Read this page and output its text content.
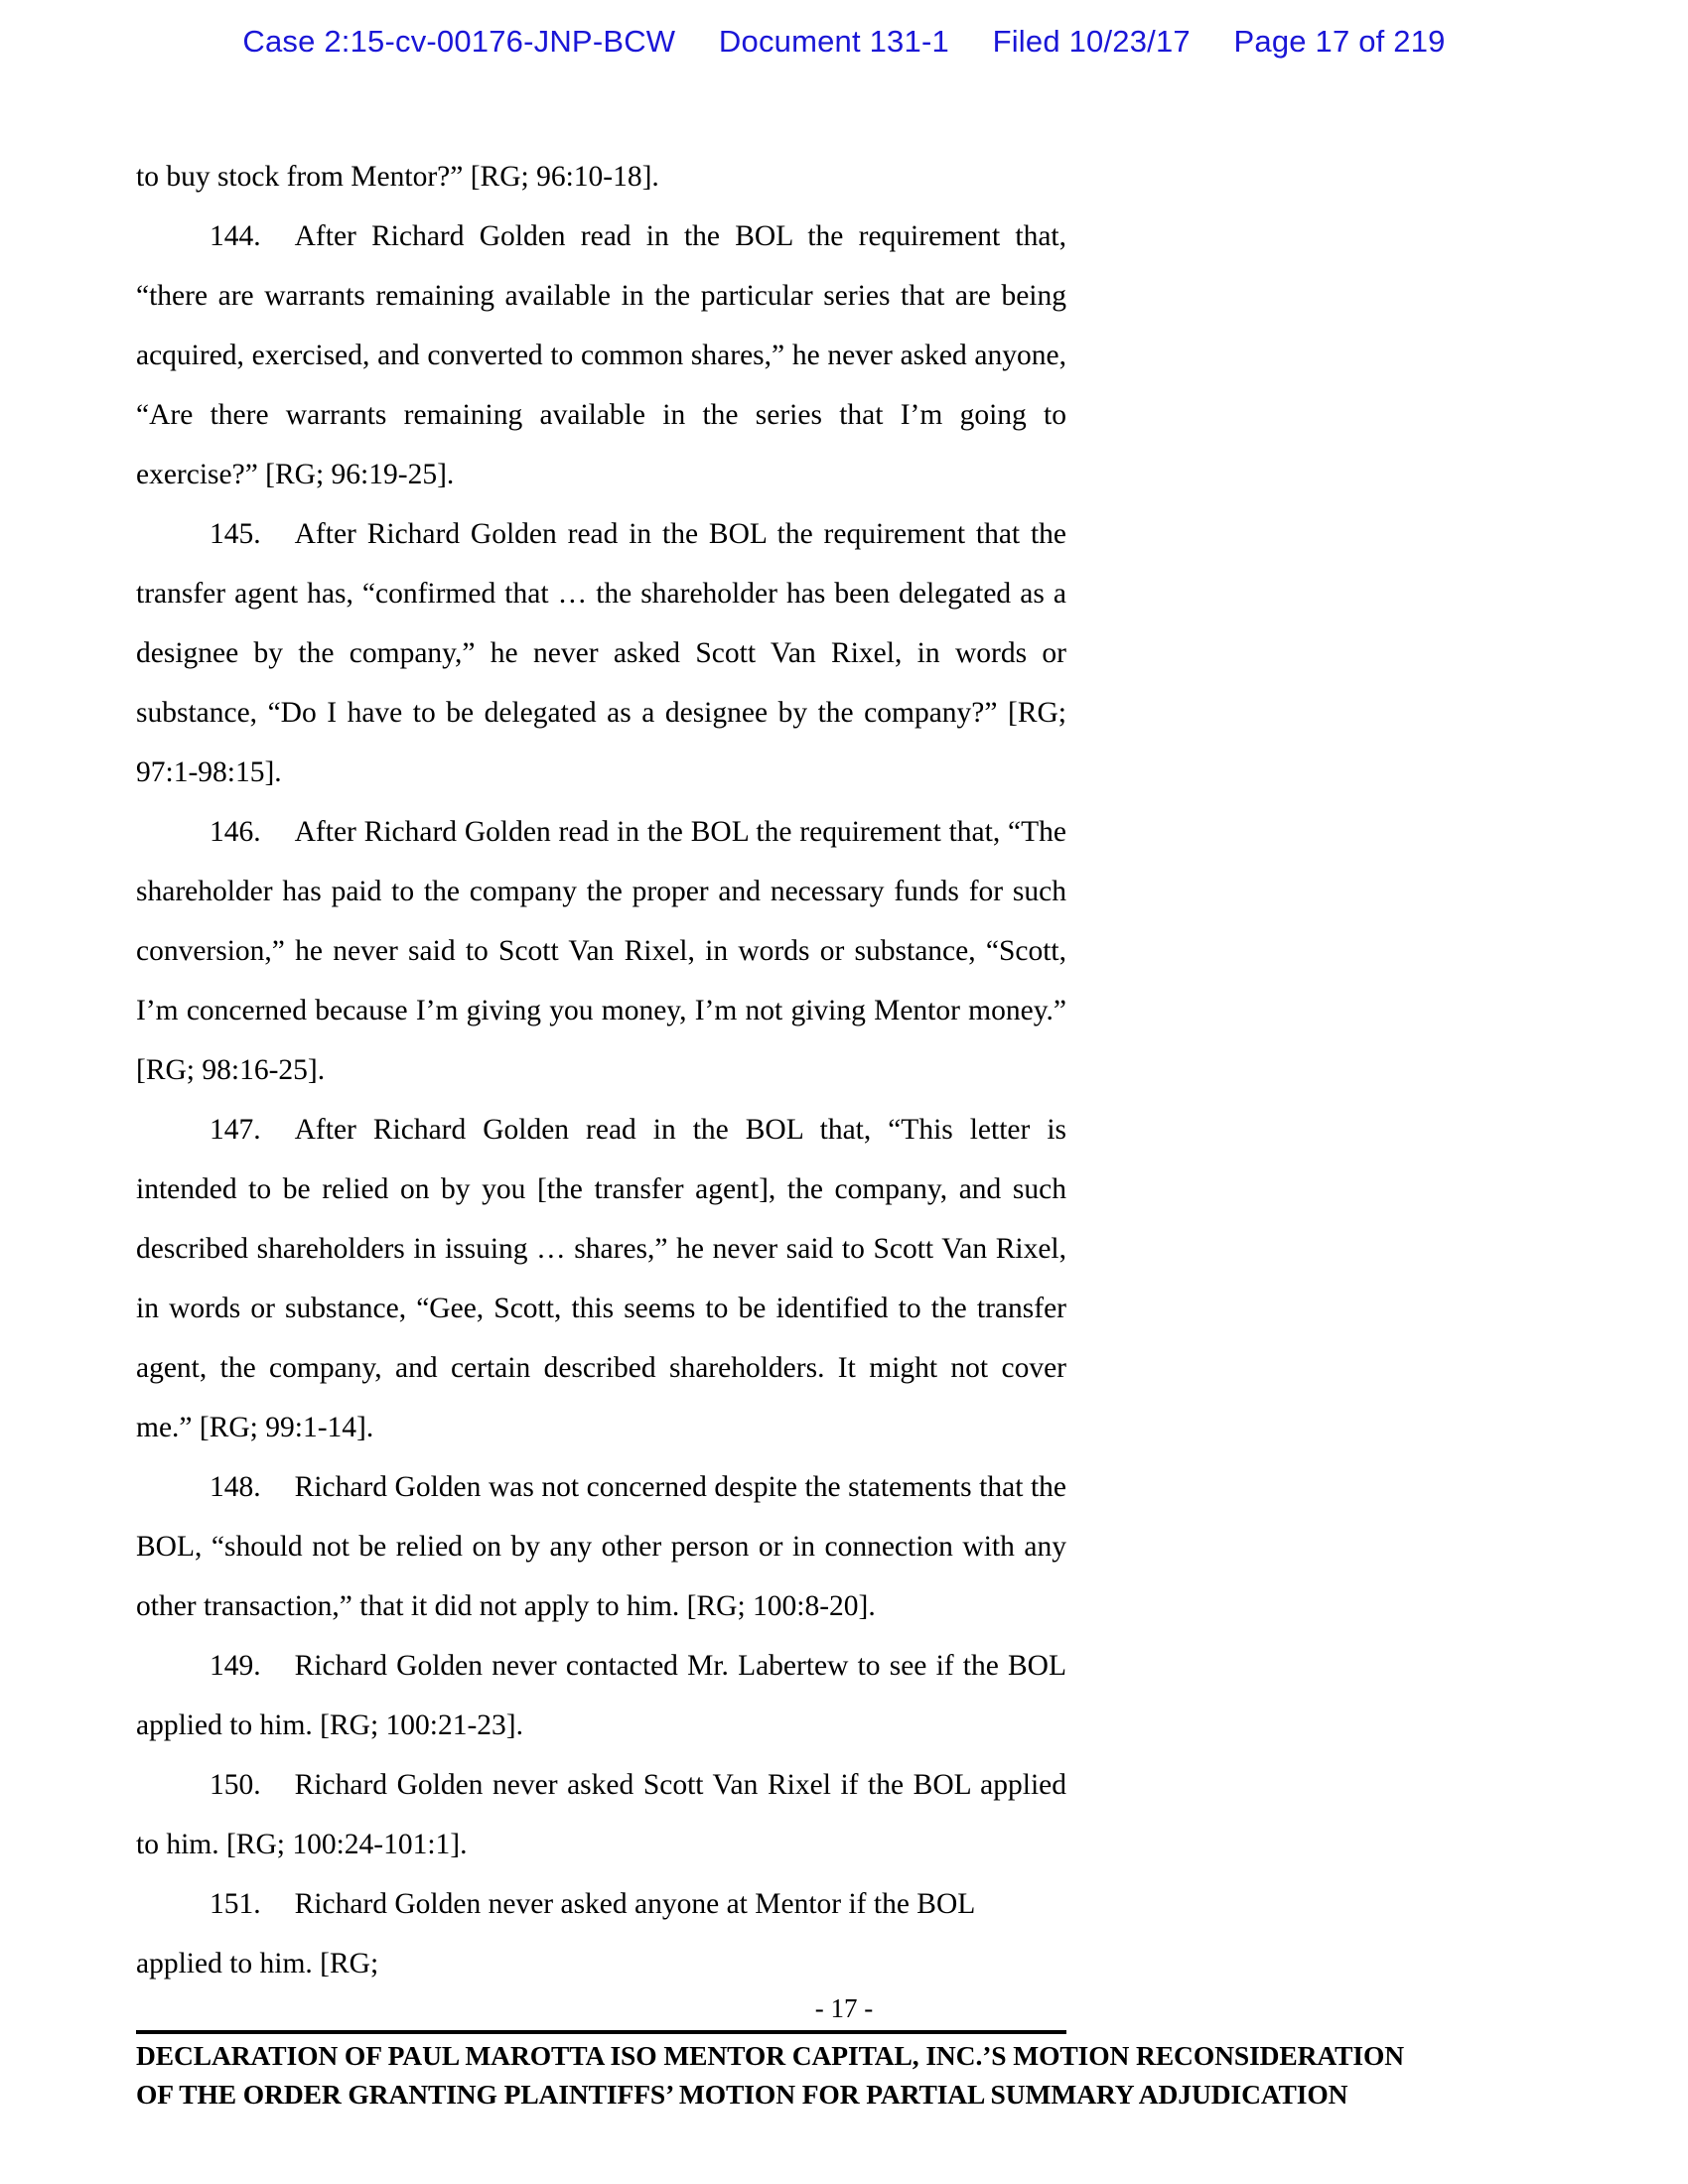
Case 2:15-cv-00176-JNP-BCW Document 131-1 Filed 10/23/17 Page 17 of 219

to buy stock from Mentor?” [RG; 96:10-18].

144. After Richard Golden read in the BOL the requirement that, “there are warrants remaining available in the particular series that are being acquired, exercised, and converted to common shares,” he never asked anyone, “Are there warrants remaining available in the series that I’m going to exercise?” [RG; 96:19-25].

145. After Richard Golden read in the BOL the requirement that the transfer agent has, “confirmed that … the shareholder has been delegated as a designee by the company,” he never asked Scott Van Rixel, in words or substance, “Do I have to be delegated as a designee by the company?” [RG; 97:1-98:15].

146. After Richard Golden read in the BOL the requirement that, “The shareholder has paid to the company the proper and necessary funds for such conversion,” he never said to Scott Van Rixel, in words or substance, “Scott, I’m concerned because I’m giving you money, I’m not giving Mentor money.” [RG; 98:16-25].

147. After Richard Golden read in the BOL that, “This letter is intended to be relied on by you [the transfer agent], the company, and such described shareholders in issuing … shares,” he never said to Scott Van Rixel, in words or substance, “Gee, Scott, this seems to be identified to the transfer agent, the company, and certain described shareholders. It might not cover me.” [RG; 99:1-14].

148. Richard Golden was not concerned despite the statements that the BOL, “should not be relied on by any other person or in connection with any other transaction,” that it did not apply to him. [RG; 100:8-20].

149. Richard Golden never contacted Mr. Labertew to see if the BOL applied to him. [RG; 100:21-23].

150. Richard Golden never asked Scott Van Rixel if the BOL applied to him. [RG; 100:24-101:1].

151. Richard Golden never asked anyone at Mentor if the BOL applied to him. [RG;

- 17 -
DECLARATION OF PAUL MAROTTA ISO MENTOR CAPITAL, INC.’S MOTION RECONSIDERATION
OF THE ORDER GRANTING PLAINTIFFS’ MOTION FOR PARTIAL SUMMARY ADJUDICATION
